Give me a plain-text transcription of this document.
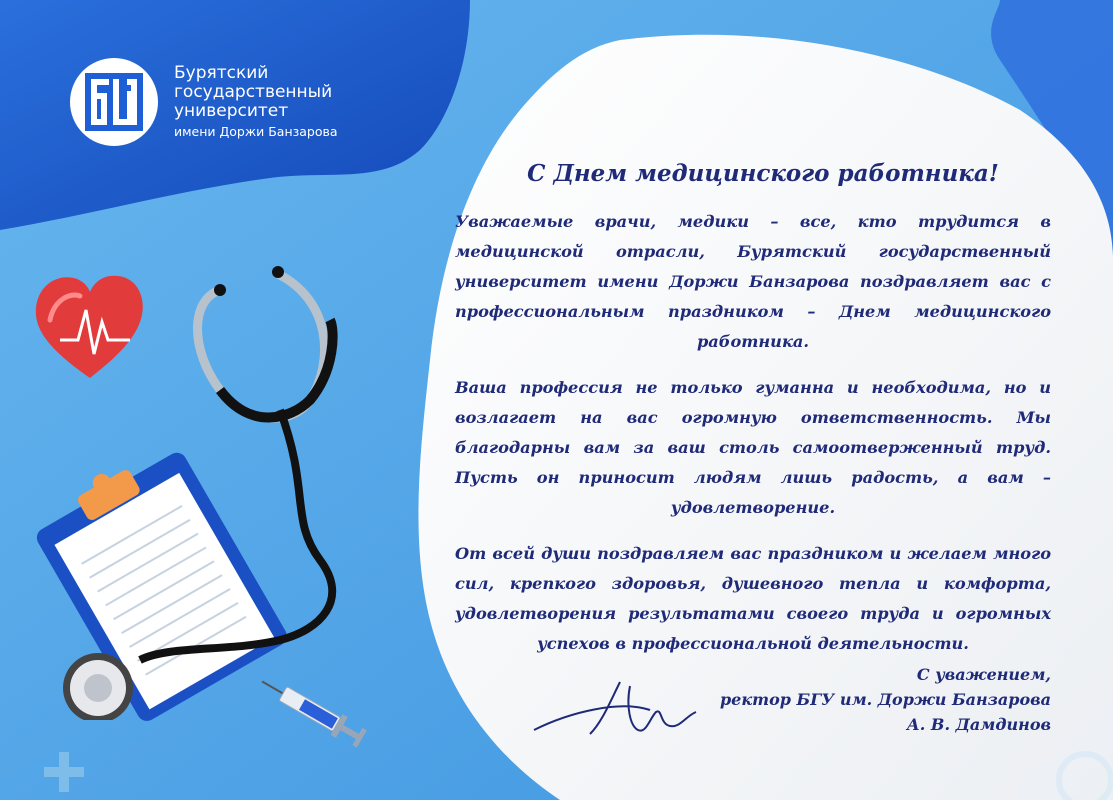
Бурятский
государственный
университет
имени Доржи Банзарова
С Днем медицинского работника!
Уважаемые врачи, медики – все, кто трудится в медицинской отрасли, Бурятский государственный университет имени Доржи Банзарова поздравляет вас с профессиональным праздником – Днем медицинского работника.
Ваша профессия не только гуманна и необходима, но и возлагает на вас огромную ответственность. Мы благодарны вам за ваш столь самоотверженный труд. Пусть он приносит людям лишь радость, а вам – удовлетворение.
От всей души поздравляем вас праздником и желаем много сил, крепкого здоровья, душевного тепла и комфорта, удовлетворения результатами своего труда и огромных успехов в профессиональной деятельности.
С уважением,
ректор БГУ им. Доржи Банзарова
А. В. Дамдинов
